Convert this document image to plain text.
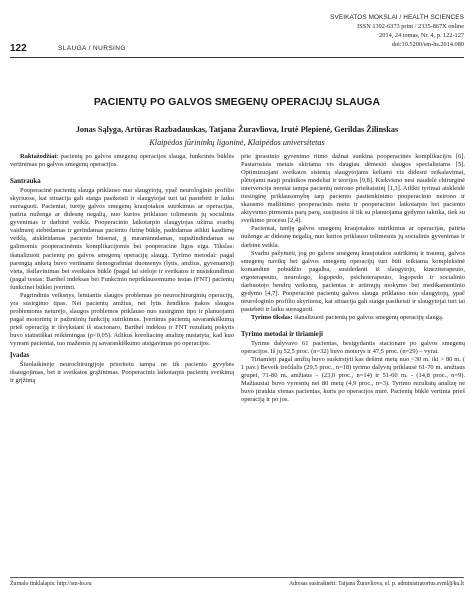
SVEIKATOS MOKSLAI / HEALTH SCIENCES
ISSN 1392-6373 print / 2335-867X online
2014, 24 tomas, Nr. 4, p. 122-127
doi:10.5200/sm-hs.2014.080
122	SLAUGA / NURSING
PACIENTŲ PO GALVOS SMEGENŲ OPERACIJŲ SLAUGA
Jonas Sąlyga, Artūras Razbadauskas, Tatjana Žuravliova, Irutė Plepienė, Gerildas Žilinskas
Klaipėdos jūrininkų ligoninė, Klaipėdos universitetas

Raktažodžiai: pacientų po galvos smegenų operacijos slauga, funkcinės būklės vertinimas po galvos smegenų operacijos.

Santrauka

Pooperacinė pacientų slauga priklauso nuo slaugytojų, ypač neurologinio profilio skyriuose, kai situacija gali staiga pasikeisti ir slaugytojai turi tai pastebėti ir laiku sureaguoti. Pacientai, turėję galvos smegenų kraujotakos sutrikimus ar operacijas, patiria nuženge ar didesnę negalią, nuo kurios priklauso tolimesnis jų socialinis gyvenimas ir darbinė veikla. Pooperacinio laikotarpio slaugytojas užima svarbų vaidmenį stebėdamas ir gerindamas paciento fizinę būklę, padėdamas atlikti kasdienę veiklą, atskleidamas paciento būsenai, jį nuraminndamas, supažindindamas su galimomis pooperacinėmis komplikacijomis bei pooperacine ligos eiga. Tikslas: išanalizuoti pacientų po galvos smegenų operacijų slaugą. Tyrimo metodai: pagal parengtą anketą buvo vertinami demografiniai duomenys (lytis, amžius, gyvenamoji vieta, išsilavinimas bei sveikatos būklė (pagal tai sieloje ir sveikatos ir nusiskundimai (pagal testas: Barthel indeksas bei Funkcinio nepriklausomumo testas (FNT) pacientų funkcinei būklei įvertinti.

Pagrindinis veiksnys, lemiantis slaugos problemas po neurochirurginių operacijų, yra susirgimo tipas. Nei pacientų amžius, nei lytis žendikos įtakos slaugos problemoms neturėjo, slaugos problemos priklauso nuo susirgimo tipo ir planuojami pagal motorinių ir pažintinių funkcijų sutrikimus. Įvertinus pacientų savarankiškumą prieš operaciją ir išvykstant iš stacionaro, Barthel indeksu ir FNT rezultatų pokytis buvo statistiškai reikšmingas (p<0,05). Atlikus koreliacinę analizę nustatyta, kad kuo vyresni pacientai, tuo mažesnis jų savarankiškumo atsigavimas po operacijos.

Įvadas

Šiuolaikinėje neurochirurgijoje prioritetu tampa ne tik paciento gyvybės išsaugojimas, bet ir sveikatos grąžinimas. Pooperacinis laikotarpis pacientų sveikimą ir grįžimą

prie įprastinio gyvenimo ritmo dažnai sunkina pooperacinės komplikacijos [6]. Pastarosiais metais skiriama vis daugiau dėmesio slaugos specialistams [5]. Optimizuojant sveikatos sistemą slaugytojams keliami vis didesni reikalavimai, plėtojami nauji praktikos modeliai ir teorijos [9,8]. Kiekvieno nesi naudelė chirurginė intervencija neretai tampa pacientų neirono prieštaistinį [1,3]. Atlikti tyrimai atskleidė tiesioginę priklausomybę tarp paciento pasitenkinimo pooperacinio neirono ir skausmo malšinimo pooperacinės metu ir pooperacinio laikotarpio bei paciento aktyvumo pirmomis parų parų, susijusios iš tik su planuojama gydymo taktika, tiek su sveikimo procesu [2,4].

Pacientai, turėję galvos smegenų kraujotakos sutrikimus ar operacijas, patiria nuženge ar didesnę negalią, nuo kurios priklauso tolimesnis jų socialinis gyvenimas ir darbinė veikla.

Svarbu pažymėti, jog po galvos smegenų kraujotakos sutrikimų ir traumų, galvos smegenų navikų bei galvos smegenų operacijų turi būti teikiama kompleksinė komandinė pobūdžio pagalba, susidedanti iš slaugytojo, kineziterapeuto, ergoterapeuto, neurologo, logopedo, psichoterapeuto, logopedo ir socialinio darbuotojo bendrų veiksmų, pacientas ir artimųjų mokymo bei medikamentinio gydymo [4,7]. Pooperacinė pacientų galvos slauga priklauso nuo slaugytojų, ypač neurologinio profilio skyriuose, kai situacija gali staiga pasikeisti ir slaugytojai turi tai pastebėti ir laiku sureaguoti.

Tyrimo tikslas: išanalizuoti pacientų po galvos smegenų operacijų slaugą.

Tyrimo metodai ir tiriamieji

Tyrime dalyvavo 61 pacientas, besigydantis stacionare po galvos smegenų operacijos. Iš jų 52,5 proc. (n=32) buvo moterys ir 47,5 proc. (n=29) – vyrai.

Tiriamieji pagal amžių buvo suskirstyti kas dešimt metų nuo <30 m. iki > 80 m. ( 1 pav.) Beveik trečdalis (29,5 proc., n=18) tyrimo dalyvių priklausė 61-70 m. amžiaus grupei, 71-80 m. amžiaus – (23,0 proc., n=14) ir 51-60 m. - (14,8 proc., n=9). Mažiausiai buvo vyresnių nei 80 metų (4,9 proc., n=3). Tyrimo rezultatų analizę ne buvo įtraukta vienas pacientas, kuris po operacijos mirė. Pacientų būklė vertinta prieš operaciją ir po jos.

Žurnalo tinklalapis: http://sm-hs.eu	Adresas susirašinėti: Tatjana Žuravliova, el. p. administratorius.svml@ku.lt
